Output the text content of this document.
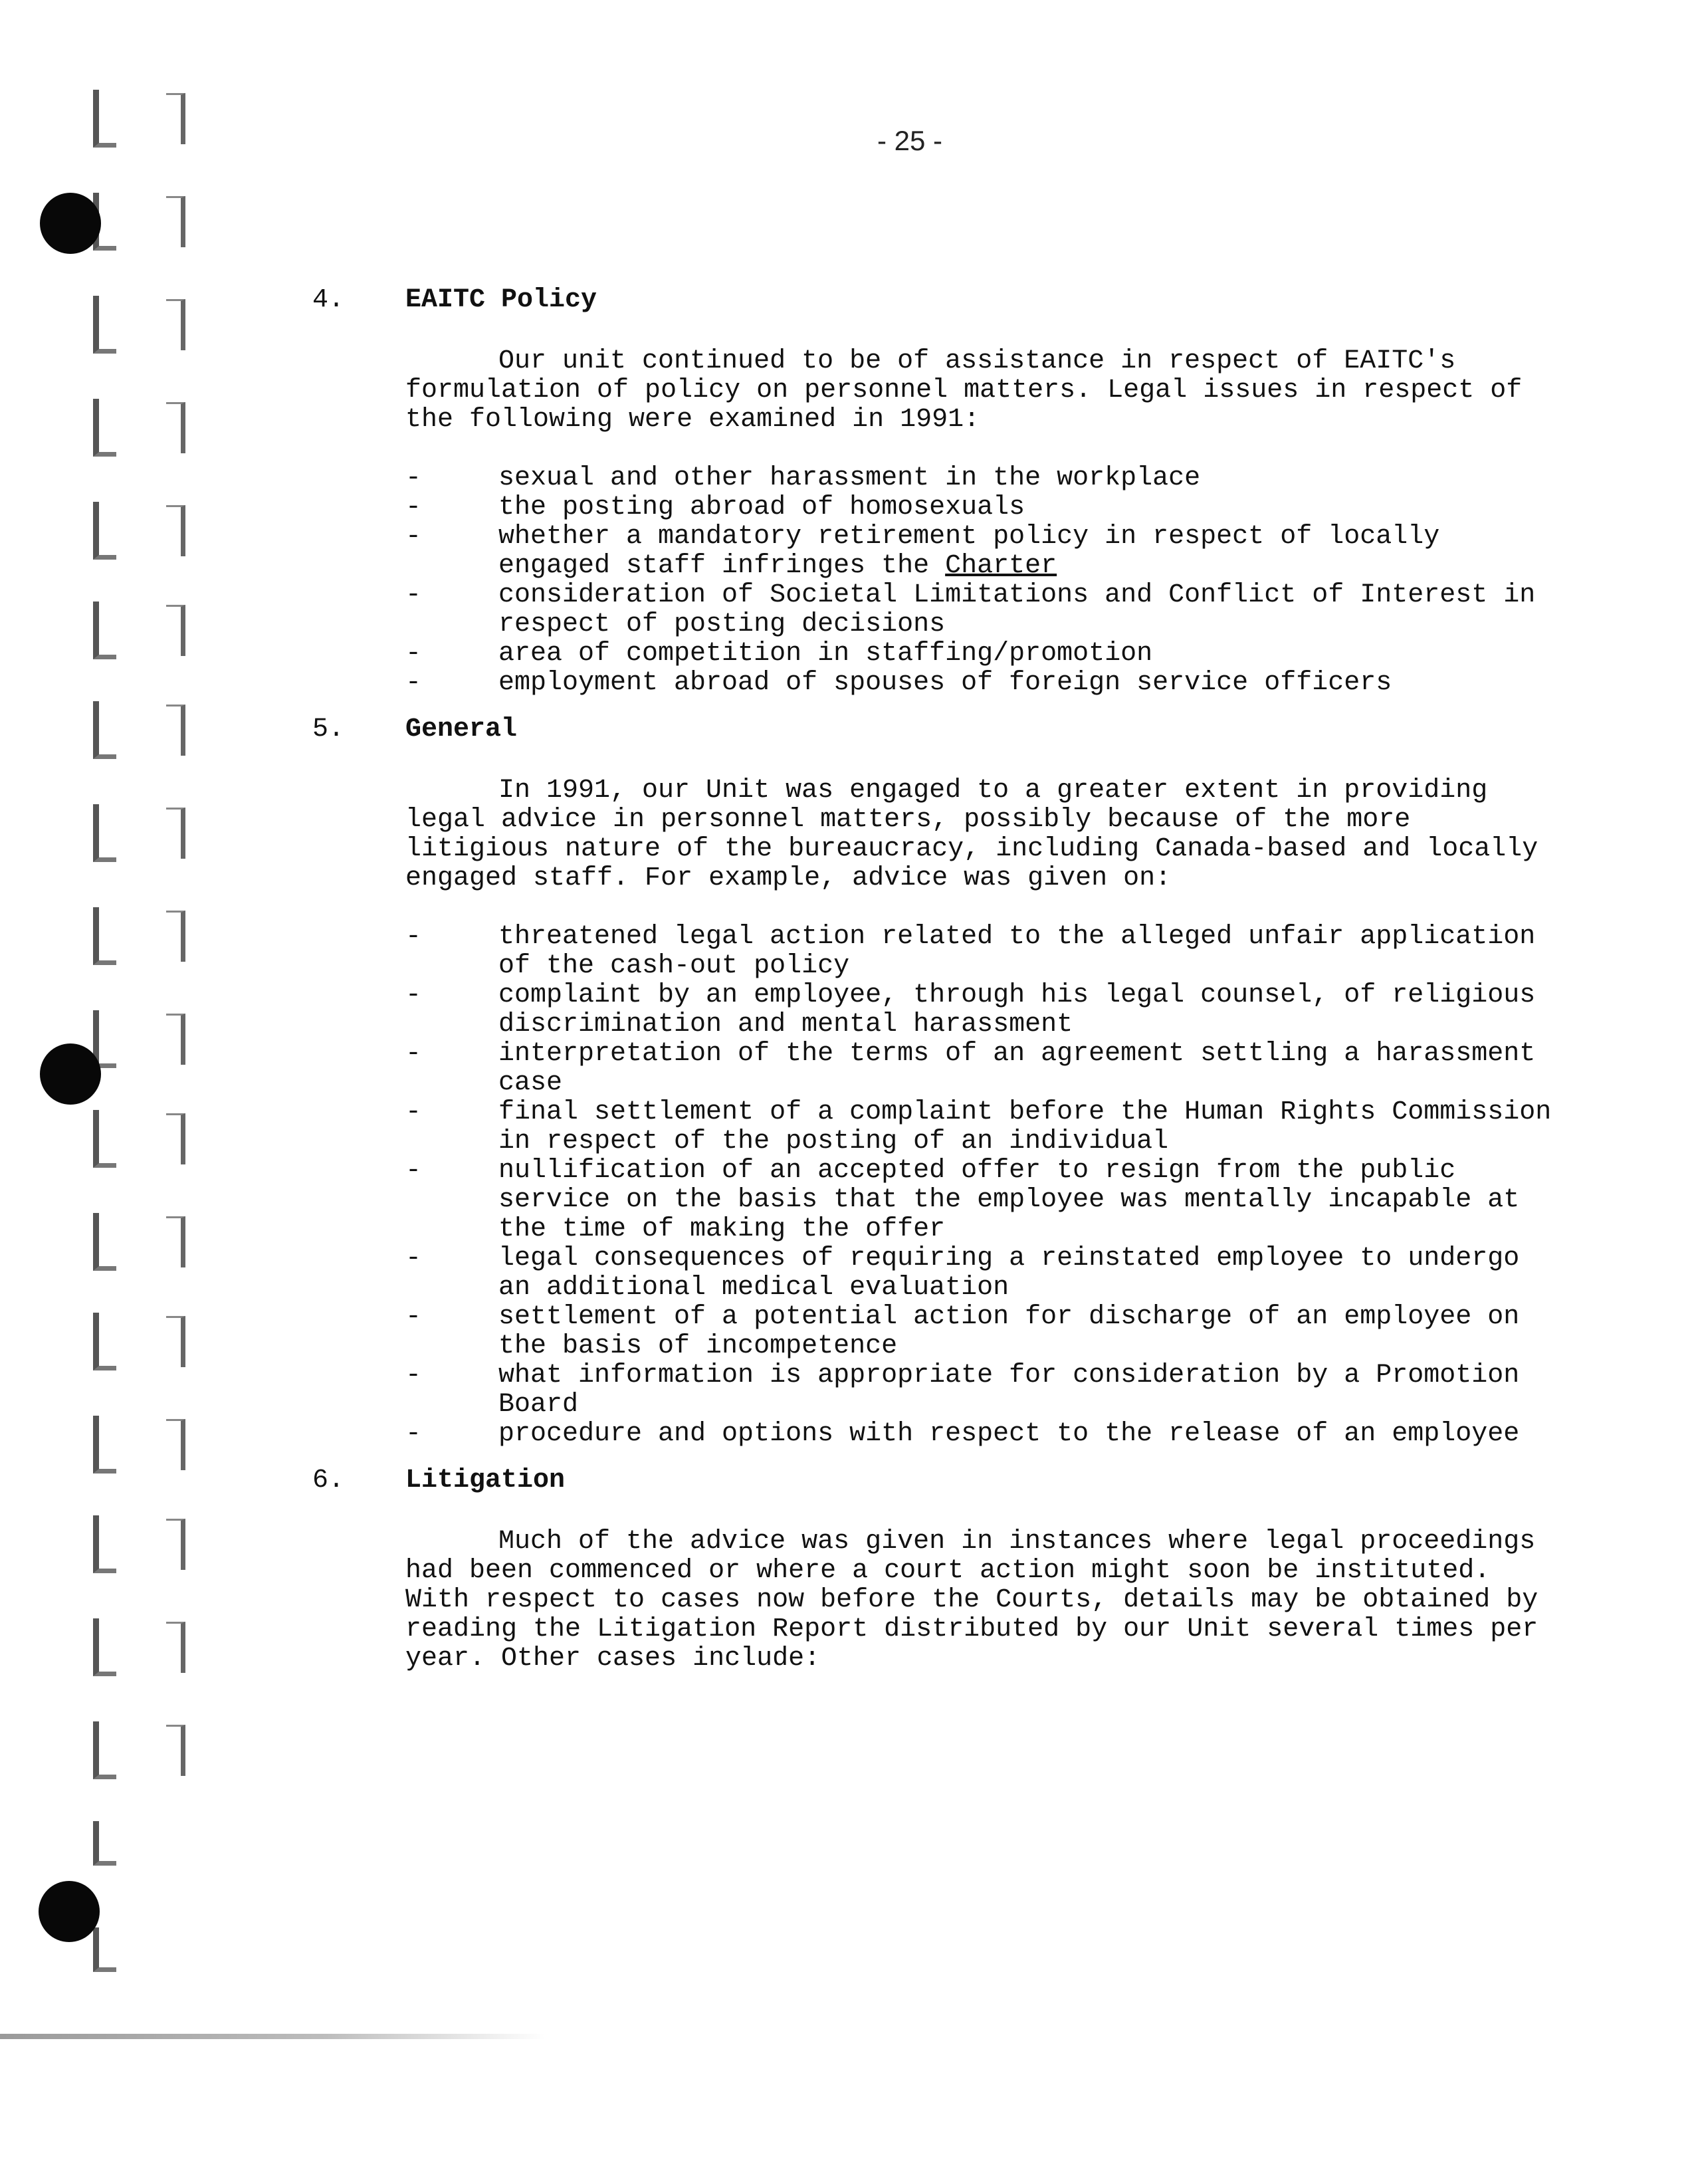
- 25 -
4.	EAITC Policy
Our unit continued to be of assistance in respect of EAITC's formulation of policy on personnel matters. Legal issues in respect of the following were examined in 1991:
-	sexual and other harassment in the workplace
-	the posting abroad of homosexuals
-	whether a mandatory retirement policy in respect of locally engaged staff infringes the Charter
-	consideration of Societal Limitations and Conflict of Interest in respect of posting decisions
-	area of competition in staffing/promotion
-	employment abroad of spouses of foreign service officers
5.	General
In 1991, our Unit was engaged to a greater extent in providing legal advice in personnel matters, possibly because of the more litigious nature of the bureaucracy, including Canada-based and locally engaged staff. For example, advice was given on:
-	threatened legal action related to the alleged unfair application of the cash-out policy
-	complaint by an employee, through his legal counsel, of religious discrimination and mental harassment
-	interpretation of the terms of an agreement settling a harassment case
-	final settlement of a complaint before the Human Rights Commission in respect of the posting of an individual
-	nullification of an accepted offer to resign from the public service on the basis that the employee was mentally incapable at the time of making the offer
-	legal consequences of requiring a reinstated employee to undergo an additional medical evaluation
-	settlement of a potential action for discharge of an employee on the basis of incompetence
-	what information is appropriate for consideration by a Promotion Board
-	procedure and options with respect to the release of an employee
6.	Litigation
Much of the advice was given in instances where legal proceedings had been commenced or where a court action might soon be instituted. With respect to cases now before the Courts, details may be obtained by reading the Litigation Report distributed by our Unit several times per year. Other cases include:
